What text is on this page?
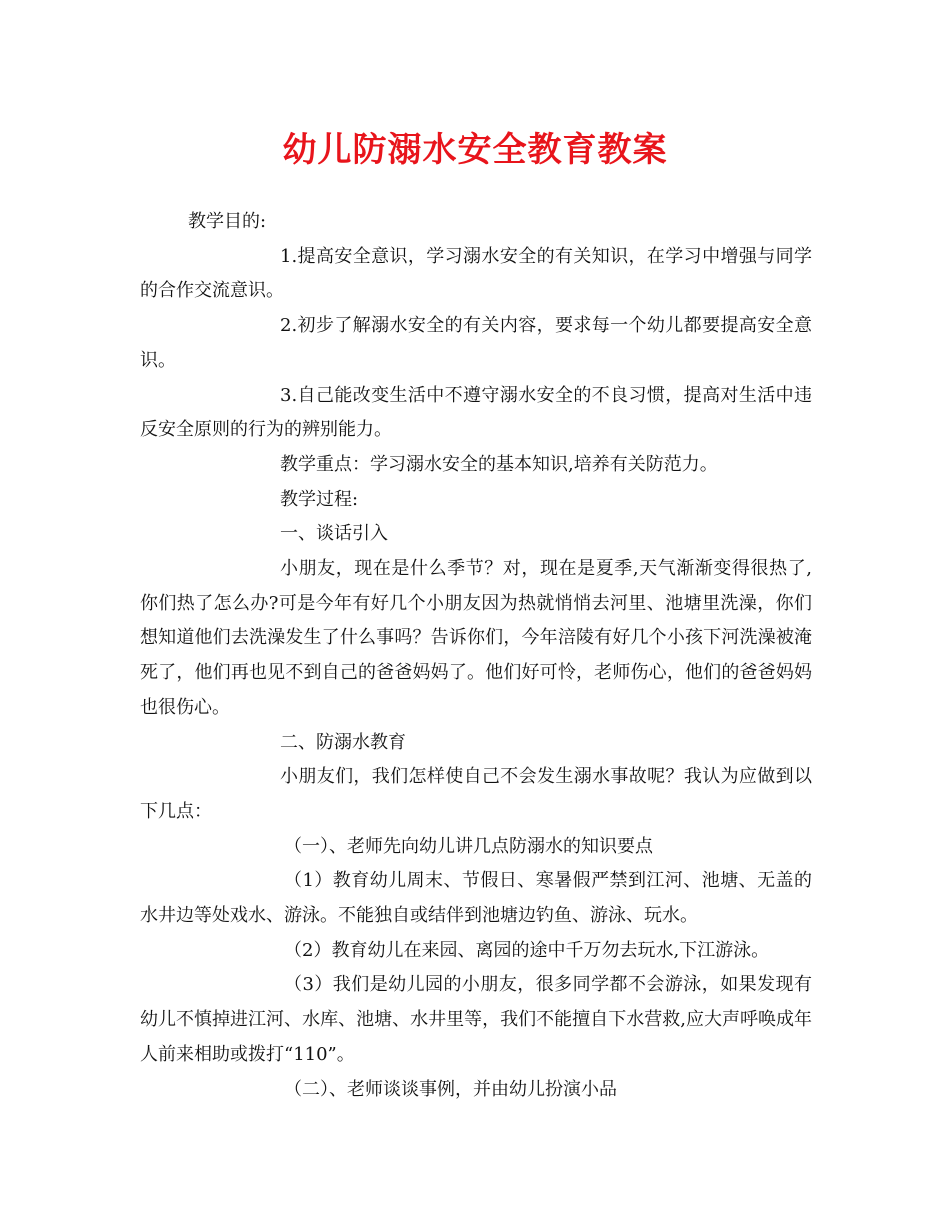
幼儿防溺水安全教育教案

教学目的:

1.提高安全意识，学习溺水安全的有关知识，在学习中增强与同学的合作交流意识。

2.初步了解溺水安全的有关内容，要求每一个幼儿都要提高安全意识。

3.自己能改变生活中不遵守溺水安全的不良习惯，提高对生活中违反安全原则的行为的辨别能力。

教学重点：学习溺水安全的基本知识,培养有关防范力。

教学过程:

一、谈话引入

小朋友，现在是什么季节？对，现在是夏季,天气渐渐变得很热了,你们热了怎么办?可是今年有好几个小朋友因为热就悄悄去河里、池塘里洗澡，你们想知道他们去洗澡发生了什么事吗？告诉你们，今年涪陵有好几个小孩下河洗澡被淹死了，他们再也见不到自己的爸爸妈妈了。他们好可怜，老师伤心，他们的爸爸妈妈也很伤心。

二、防溺水教育

小朋友们，我们怎样使自己不会发生溺水事故呢？我认为应做到以下几点：

（一）、老师先向幼儿讲几点防溺水的知识要点

（1）教育幼儿周末、节假日、寒暑假严禁到江河、池塘、无盖的水井边等处戏水、游泳。不能独自或结伴到池塘边钓鱼、游泳、玩水。

（2）教育幼儿在来园、离园的途中千万勿去玩水,下江游泳。

（3）我们是幼儿园的小朋友，很多同学都不会游泳，如果发现有幼儿不慎掉进江河、水库、池塘、水井里等，我们不能擅自下水营救,应大声呼唤成年人前来相助或拨打“110”。

（二）、老师谈谈事例，并由幼儿扮演小品
